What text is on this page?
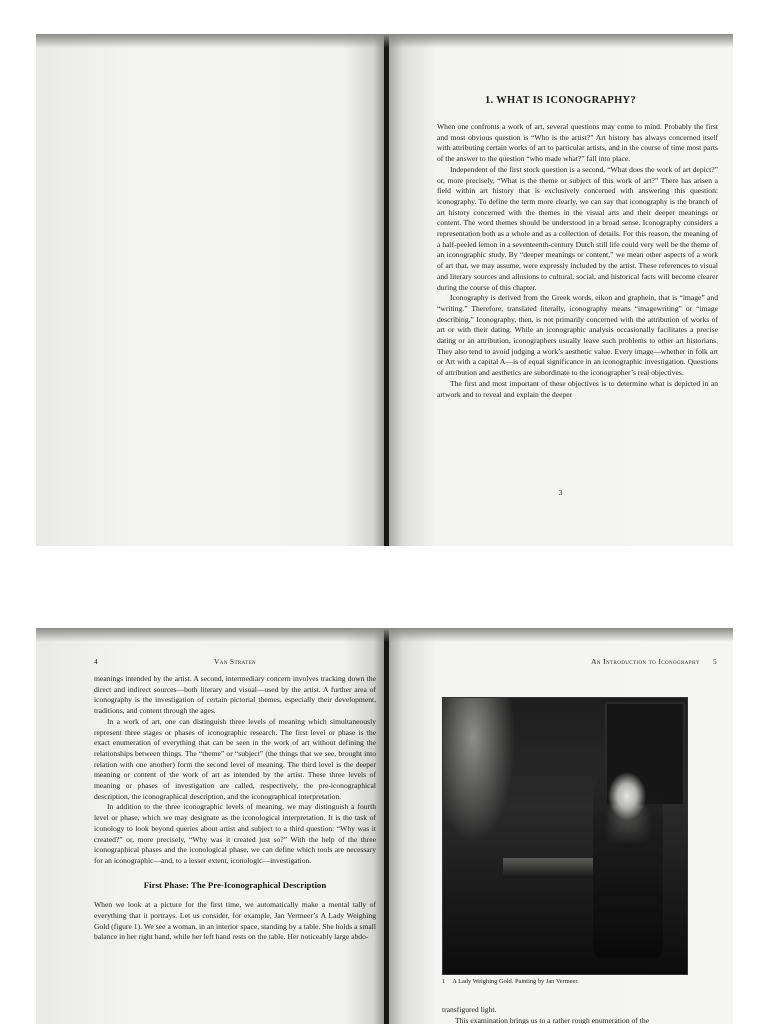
1. WHAT IS ICONOGRAPHY?

When one confronts a work of art, several questions may come to mind. Probably the first and most obvious question is “Who is the artist?” Art history has always concerned itself with attributing certain works of art to particular artists, and in the course of time most parts of the answer to the question “who made what?” fall into place.

Independent of the first stock question is a second, “What does the work of art depict?” or, more precisely, “What is the theme or subject of this work of art?” There has arisen a field within art history that is exclusively concerned with answering this question: iconography. To define the term more clearly, we can say that iconography is the branch of art history concerned with the themes in the visual arts and their deeper meanings or content. The word themes should be understood in a broad sense. Iconography considers a representation both as a whole and as a collection of details. For this reason, the meaning of a half-peeled lemon in a seventeenth-century Dutch still life could very well be the theme of an iconographic study. By “deeper meanings or content,” we mean other aspects of a work of art that, we may assume, were expressly included by the artist. These references to visual and literary sources and allusions to cultural, social, and historical facts will become clearer during the course of this chapter.

Iconography is derived from the Greek words, eikon and graphein, that is “image” and “writing.” Therefore, translated literally, iconography means “imagewriting” or “image describing.” Iconography, then, is not primarily concerned with the attribution of works of art or with their dating. While an iconographic analysis occasionally facilitates a precise dating or an attribution, iconographers usually leave such problems to other art historians. They also tend to avoid judging a work’s aesthetic value. Every image—whether in folk art or Art with a capital A—is of equal significance in an iconographic investigation. Questions of attribution and aesthetics are subordinate to the iconographer’s real objectives.

The first and most important of these objectives is to determine what is depicted in an artwork and to reveal and explain the deeper

3
4	Van Straten	An Introduction to Iconography 5

meanings intended by the artist. A second, intermediary concern involves tracking down the direct and indirect sources—both literary and visual—used by the artist. A further area of iconography is the investigation of certain pictorial themes, especially their development, traditions, and content through the ages.

In a work of art, one can distinguish three levels of meaning which simultaneously represent three stages or phases of iconographic research. The first level or phase is the exact enumeration of everything that can be seen in the work of art without defining the relationships between things. The “theme” or “subject” (the things that we see, brought into relation with one another) form the second level of meaning. The third level is the deeper meaning or content of the work of art as intended by the artist. These three levels of meaning or phases of investigation are called, respectively, the pre-iconographical description, the iconographical description, and the iconographical interpretation.

In addition to the three iconographic levels of meaning, we may distinguish a fourth level or phase, which we may designate as the iconological interpretation. It is the task of iconology to look beyond queries about artist and subject to a third question: “Why was it created?” or, more precisely, “Why was it created just so?” With the help of the three iconographical phases and the iconological phase, we can define which tools are necessary for an iconographic—and, to a lesser extent, iconologic—investigation.

First Phase: The Pre-Iconographical Description

When we look at a picture for the first time, we automatically make a mental tally of everything that it portrays. Let us consider, for example, Jan Vermeer’s A Lady Weighing Gold (figure 1). We see a woman, in an interior space, standing by a table. She holds a small balance in her right hand, while her left hand rests on the table. Her noticeably large abdo-

1 A Lady Weighing Gold. Painting by Jan Vermeer.

transfigured light.

This examination brings us to a rather rough enumeration of the
